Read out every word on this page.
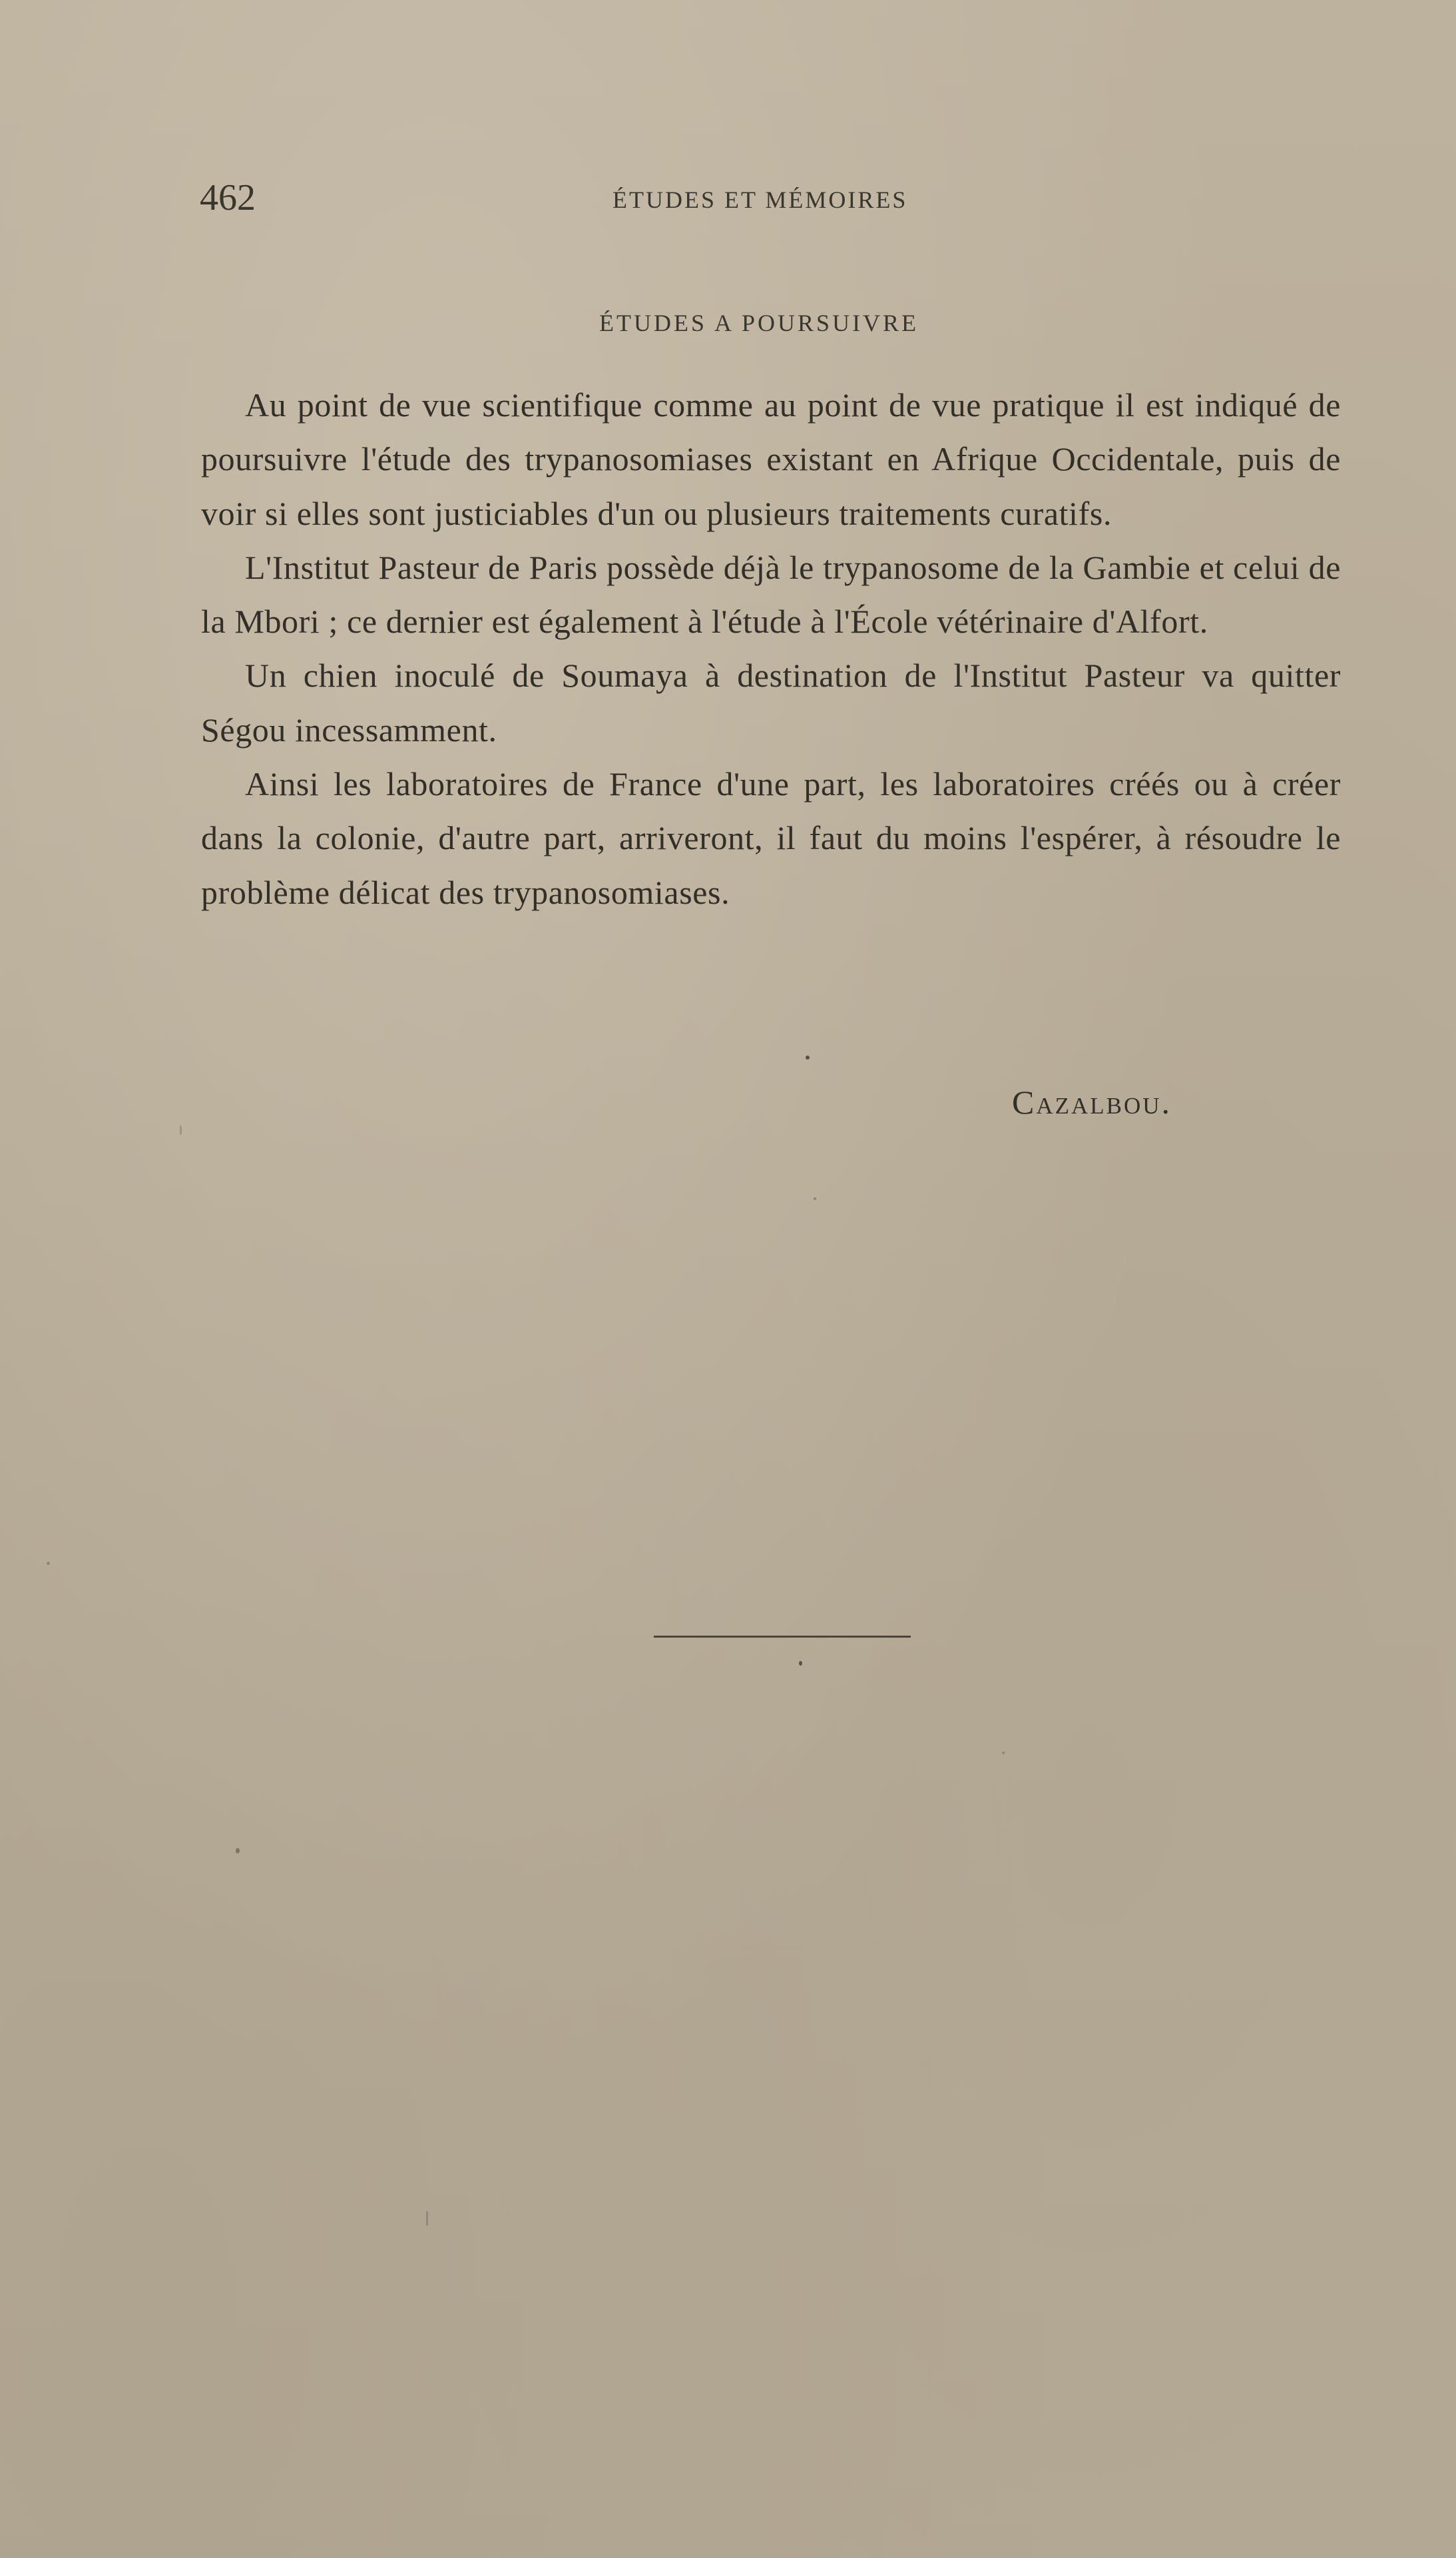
462	ÉTUDES ET MÉMOIRES
ÉTUDES A POURSUIVRE

Au point de vue scientifique comme au point de vue pratique il est indiqué de poursuivre l'étude des trypanosomiases existant en Afrique Occidentale, puis de voir si elles sont justiciables d'un ou plusieurs traitements curatifs.

L'Institut Pasteur de Paris possède déjà le trypanosome de la Gambie et celui de la Mbori ; ce dernier est également à l'étude à l'École vétérinaire d'Alfort.

Un chien inoculé de Soumaya à destination de l'Institut Pasteur va quitter Ségou incessamment.

Ainsi les laboratoires de France d'une part, les laboratoires créés ou à créer dans la colonie, d'autre part, arriveront, il faut du moins l'espérer, à résoudre le problème délicat des trypanosomiases.

Cazalbou.
